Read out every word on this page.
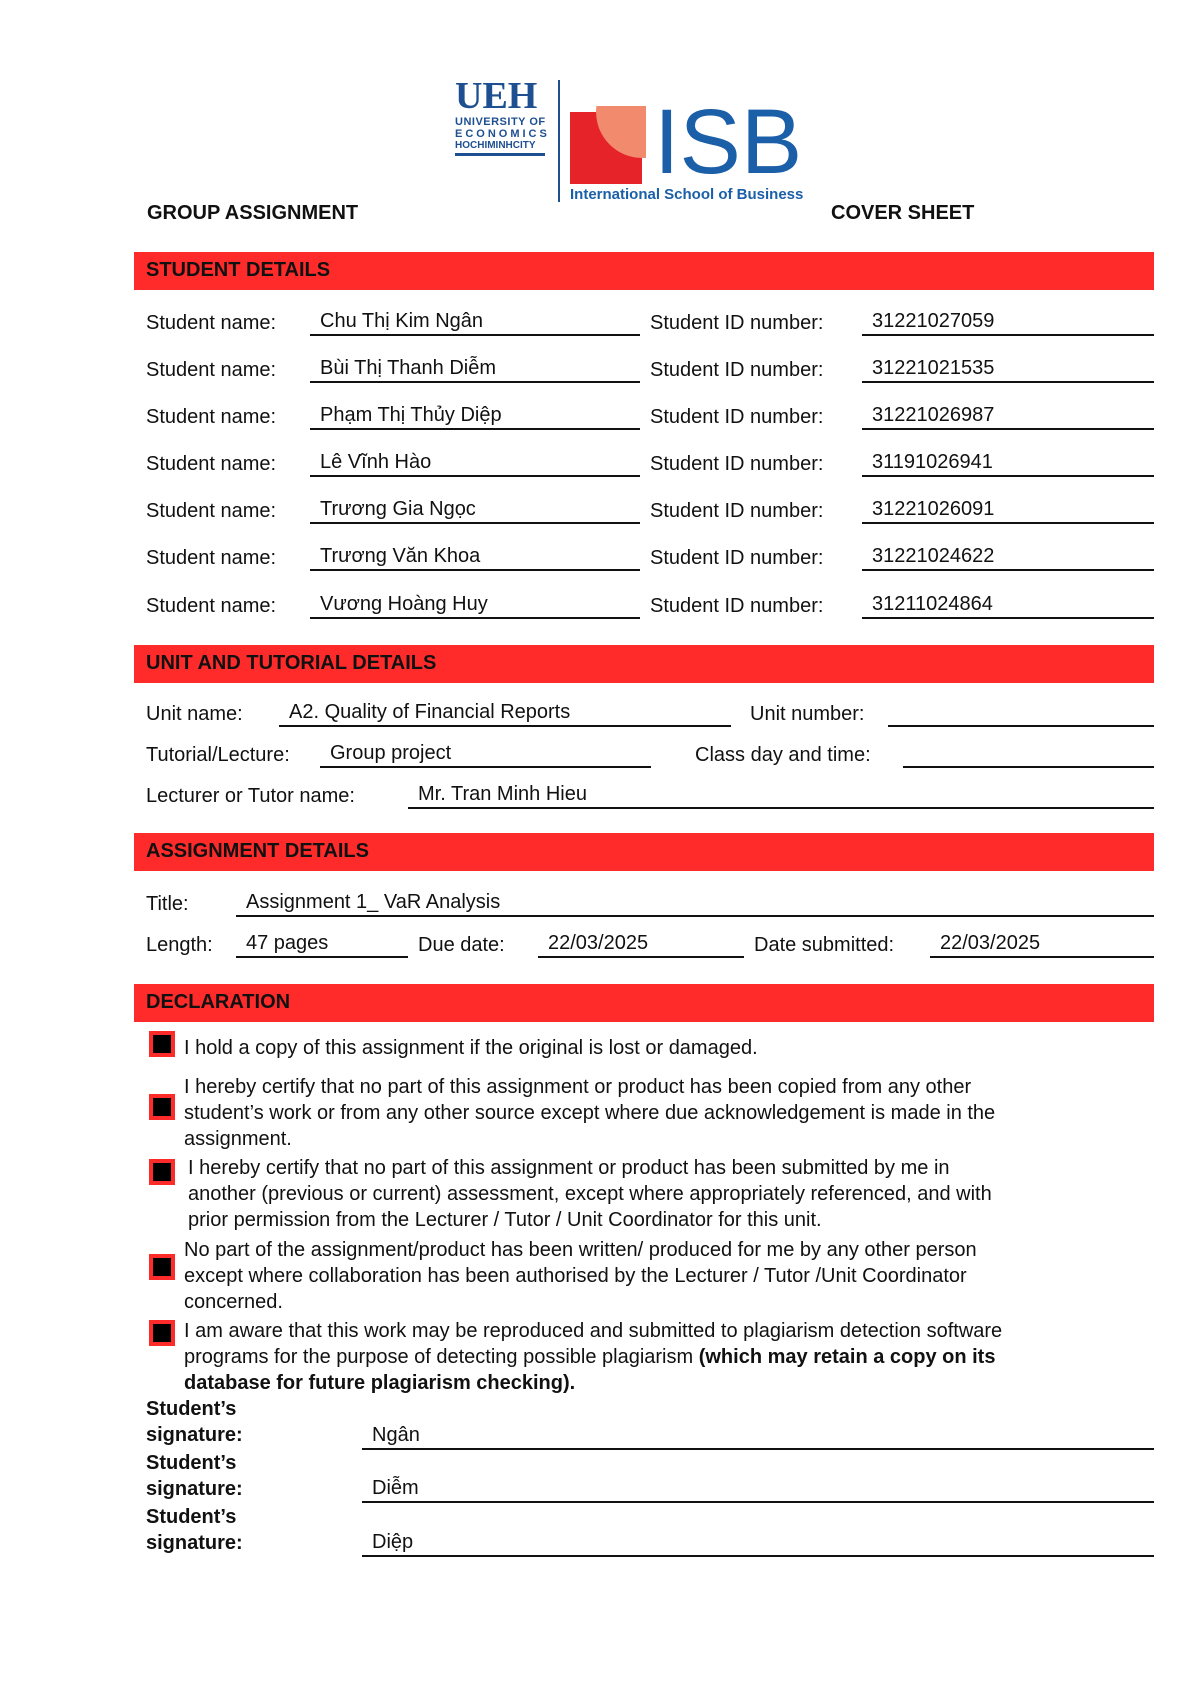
UEH
UNIVERSITY OF
ECONOMICS
HOCHIMINHCITY ISB
International School of Business
GROUP ASSIGNMENT	COVER SHEET
STUDENT DETAILS
Student name:	Chu Thị Kim Ngân	Student ID number:	31221027059
Student name:	Bùi Thị Thanh Diễm	Student ID number:	31221021535
Student name:	Phạm Thị Thủy Diệp	Student ID number:	31221026987
Student name:	Lê Vĩnh Hào	Student ID number:	31191026941
Student name:	Trương Gia Ngọc	Student ID number:	31221026091
Student name:	Trương Văn Khoa	Student ID number:	31221024622
Student name:	Vương Hoàng Huy	Student ID number:	31211024864
UNIT AND TUTORIAL DETAILS
Unit name:	A2. Quality of Financial Reports	Unit number:
Tutorial/Lecture:	Group project	Class day and time:
Lecturer or Tutor name:	Mr. Tran Minh Hieu
ASSIGNMENT DETAILS
Title:	Assignment 1_ VaR Analysis
Length:	47 pages	Due date:	22/03/2025	Date submitted:	22/03/2025
DECLARATION
I hold a copy of this assignment if the original is lost or damaged.
I hereby certify that no part of this assignment or product has been copied from any other
student’s work or from any other source except where due acknowledgement is made in the
assignment.
I hereby certify that no part of this assignment or product has been submitted by me in
another (previous or current) assessment, except where appropriately referenced, and with
prior permission from the Lecturer / Tutor / Unit Coordinator for this unit.
No part of the assignment/product has been written/ produced for me by any other person
except where collaboration has been authorised by the Lecturer / Tutor /Unit Coordinator
concerned.
I am aware that this work may be reproduced and submitted to plagiarism detection software
programs for the purpose of detecting possible plagiarism (which may retain a copy on its
database for future plagiarism checking).
Student’s
signature:	Ngân
Student’s
signature:	Diễm
Student’s
signature:	Diệp
